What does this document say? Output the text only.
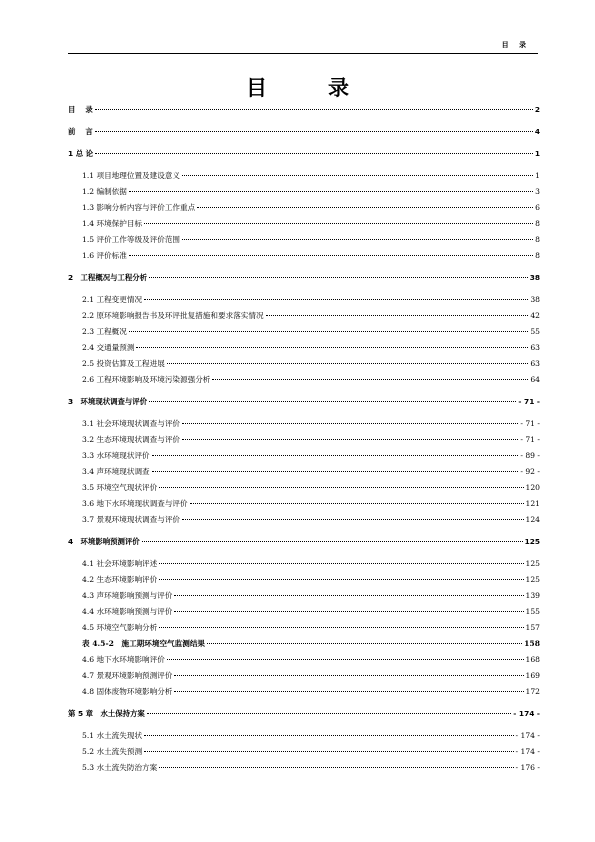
目 录
目　录
目　 录	2
前　 言	4
1 总 论	1
1.1 项目地理位置及建设意义	1
1.2 编制依据	3
1.3 影响分析内容与评价工作重点	6
1.4 环境保护目标	8
1.5 评价工作等级及评价范围	8
1.6 评价标准	8
2　工程概况与工程分析	38
2.1 工程变更情况	38
2.2 原环境影响报告书及环评批复措施和要求落实情况	42
2.3 工程概况	55
2.4 交通量预测	63
2.5 投资估算及工程进展	63
2.6 工程环境影响及环境污染源强分析	64
3　环境现状调查与评价	- 71 -
3.1 社会环境现状调查与评价	- 71 -
3.2 生态环境现状调查与评价	- 71 -
3.3 水环境现状评价	- 89 -
3.4 声环境现状调查	- 92 -
3.5 环境空气现状评价	120
3.6 地下水环境现状调查与评价	121
3.7 景观环境现状调查与评价	124
4　环境影响预测评价	125
4.1 社会环境影响评述	125
4.2 生态环境影响评价	125
4.3 声环境影响预测与评价	139
4.4 水环境影响预测与评价	155
4.5 环境空气影响分析	157
表 4.5-2　施工期环境空气监测结果	158
4.6 地下水环境影响评价	168
4.7 景观环境影响预测评价	169
4.8 固体废物环境影响分析	172
第 5 章　水土保持方案	- 174 -
5.1 水土流失现状	- 174 -
5.2 水土流失预测	- 174 -
5.3 水土流失防治方案	- 176 -
